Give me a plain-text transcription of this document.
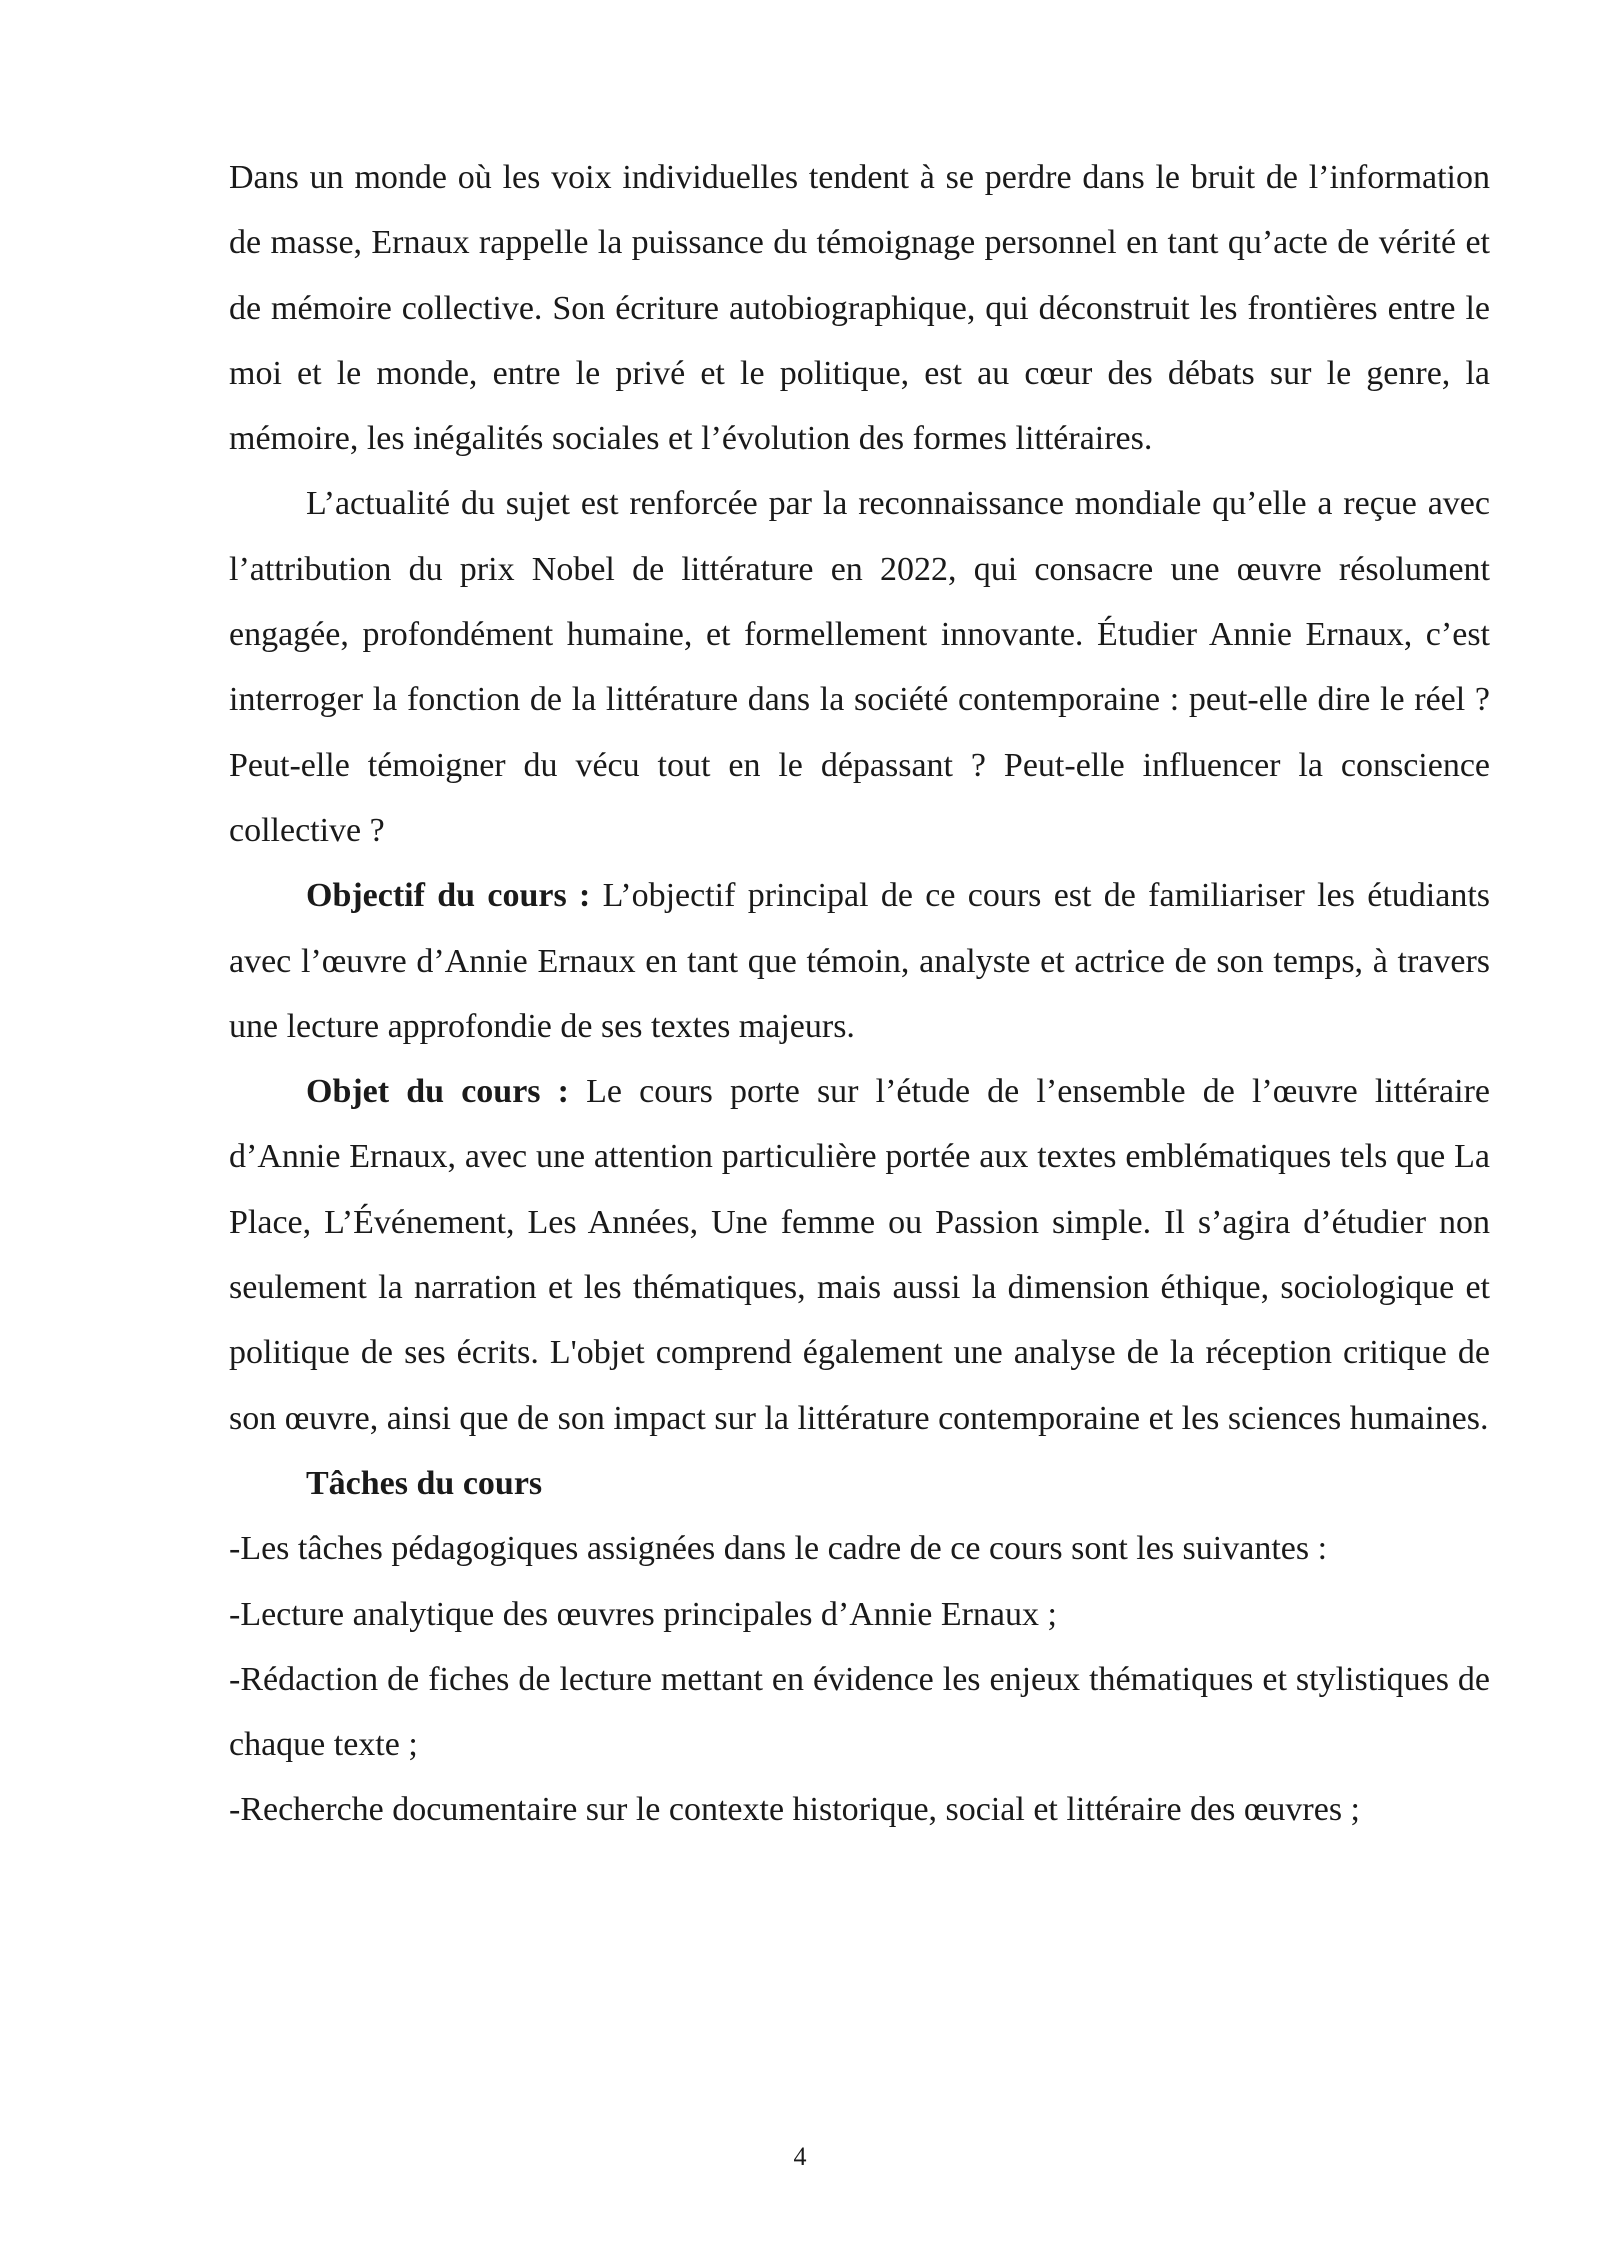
Dans un monde où les voix individuelles tendent à se perdre dans le bruit de l’information de masse, Ernaux rappelle la puissance du témoignage personnel en tant qu’acte de vérité et de mémoire collective. Son écriture autobiographique, qui déconstruit les frontières entre le moi et le monde, entre le privé et le politique, est au cœur des débats sur le genre, la mémoire, les inégalités sociales et l’évolution des formes littéraires.

L’actualité du sujet est renforcée par la reconnaissance mondiale qu’elle a reçue avec l’attribution du prix Nobel de littérature en 2022, qui consacre une œuvre résolument engagée, profondément humaine, et formellement innovante. Étudier Annie Ernaux, c’est interroger la fonction de la littérature dans la société contemporaine : peut-elle dire le réel ? Peut-elle témoigner du vécu tout en le dépassant ? Peut-elle influencer la conscience collective ?

Objectif du cours : L’objectif principal de ce cours est de familiariser les étudiants avec l’œuvre d’Annie Ernaux en tant que témoin, analyste et actrice de son temps, à travers une lecture approfondie de ses textes majeurs.

Objet du cours : Le cours porte sur l’étude de l’ensemble de l’œuvre littéraire d’Annie Ernaux, avec une attention particulière portée aux textes emblématiques tels que La Place, L’Événement, Les Années, Une femme ou Passion simple. Il s’agira d’étudier non seulement la narration et les thématiques, mais aussi la dimension éthique, sociologique et politique de ses écrits. L'objet comprend également une analyse de la réception critique de son œuvre, ainsi que de son impact sur la littérature contemporaine et les sciences humaines.

Tâches du cours

-Les tâches pédagogiques assignées dans le cadre de ce cours sont les suivantes :

-Lecture analytique des œuvres principales d’Annie Ernaux ;

-Rédaction de fiches de lecture mettant en évidence les enjeux thématiques et stylistiques de chaque texte ;

-Recherche documentaire sur le contexte historique, social et littéraire des œuvres ;

4
